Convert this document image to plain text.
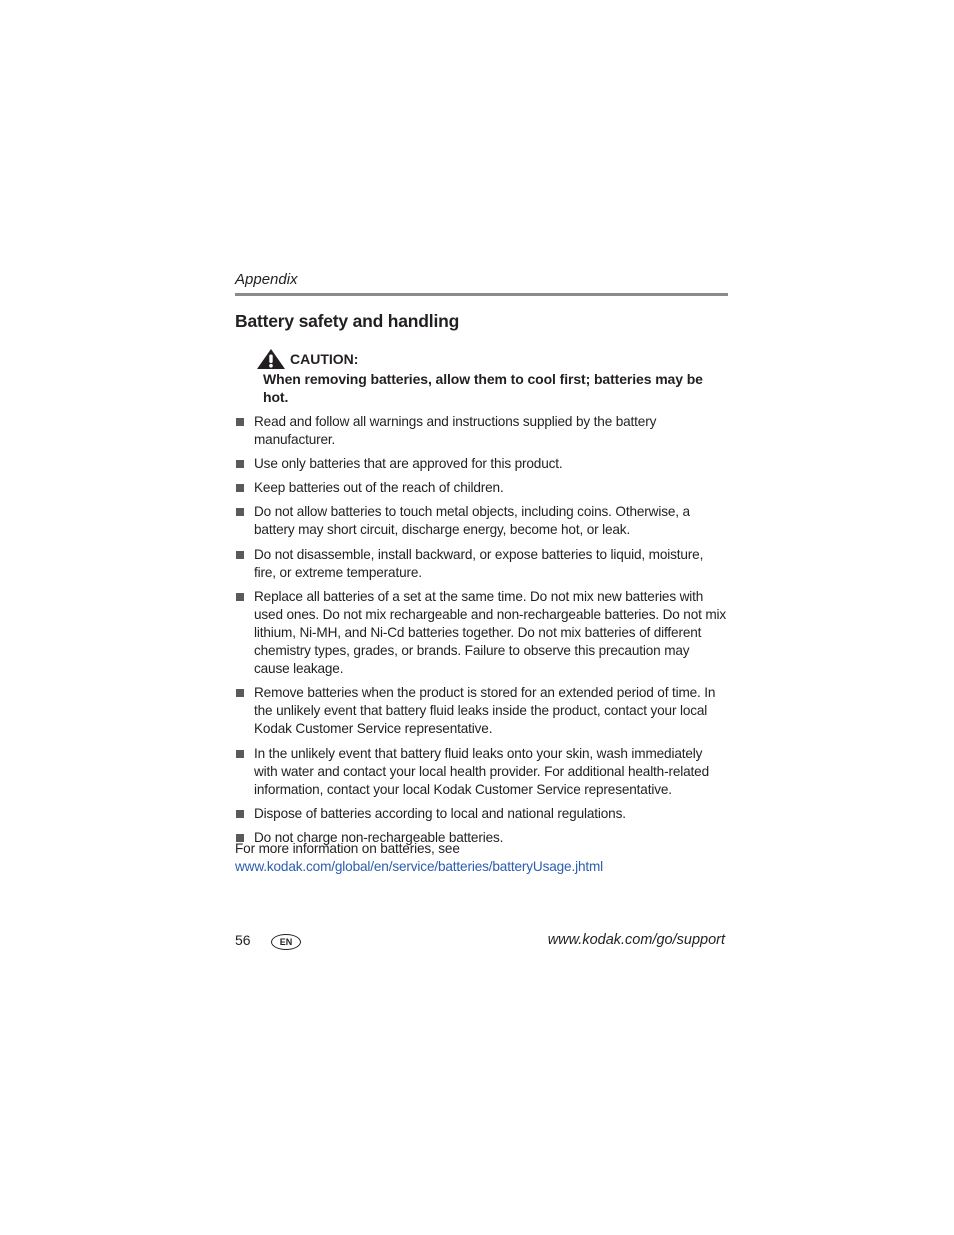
Appendix
Battery safety and handling
CAUTION:
When removing batteries, allow them to cool first; batteries may be hot.
Read and follow all warnings and instructions supplied by the battery manufacturer.
Use only batteries that are approved for this product.
Keep batteries out of the reach of children.
Do not allow batteries to touch metal objects, including coins. Otherwise, a battery may short circuit, discharge energy, become hot, or leak.
Do not disassemble, install backward, or expose batteries to liquid, moisture, fire, or extreme temperature.
Replace all batteries of a set at the same time. Do not mix new batteries with used ones. Do not mix rechargeable and non-rechargeable batteries. Do not mix lithium, Ni-MH, and Ni-Cd batteries together. Do not mix batteries of different chemistry types, grades, or brands. Failure to observe this precaution may cause leakage.
Remove batteries when the product is stored for an extended period of time. In the unlikely event that battery fluid leaks inside the product, contact your local Kodak Customer Service representative.
In the unlikely event that battery fluid leaks onto your skin, wash immediately with water and contact your local health provider. For additional health-related information, contact your local Kodak Customer Service representative.
Dispose of batteries according to local and national regulations.
Do not charge non-rechargeable batteries.
For more information on batteries, see
www.kodak.com/global/en/service/batteries/batteryUsage.jhtml
56	EN	www.kodak.com/go/support
